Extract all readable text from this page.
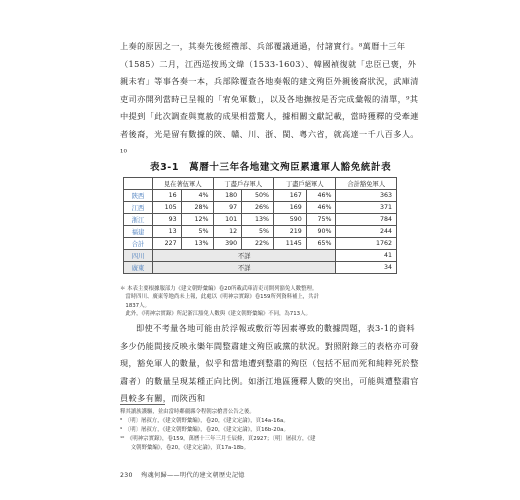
上奏的原因之一，其奏先後經禮部、兵部覆議通過，付諸實行。⁸萬曆十三年（1585）二月，江西巡按馬文煒（1533-1603）、韓國禎復就「忠臣已褒，外親未宥」等事各奏一本，兵部除覆查各地奏報的建文殉臣外親後裔狀況，武庫清吏司亦開列當時已呈報的「宥免軍數」，以及各地撫按是否完成彙報的清單，⁹其中提到「此次調查與寬赦的成果相當驚人，據相關文獻記載，當時獲釋的受牽連者後裔，光是留有數據的陝、贛、川、浙、閩、粵六省，就高達一千八百多人。¹⁰

表3-1　萬曆十三年各地建文殉臣累遺軍人豁免統計表
	見在著伍軍人		丁盡戶存軍人		丁盡戶絕軍人		合計豁免軍人
陝西	16	4%	180	50%	167	46%	363
江西	105	28%	97	26%	169	46%	371
浙江	93	12%	101	13%	590	75%	784
福建	13	5%	12	5%	219	90%	244
合計	227	13%	390	22%	1145	65%	1762
四川	不詳						41
廣東	不詳						34
＊ 本表主要根據服部力《建文朝野彙編》卷20所載武庫清吏司開列豁免人數整理。
　當時四川、廣東等地尚未上報，此處以《明神宗實錄》卷159所列資料補上，共計
　1837人。
　此外，《明神宗實錄》所記浙江豁免人數與《建文朝野彙編》不同，為713人。

即使不考量各地可能由於浮報或敷衍等因素導致的數據問題，表3-1的資料多少仍能間接反映永樂年間整肅建文殉臣戚黨的狀況。對照附錄三的表格亦可發現，豁免軍人的數量，似乎和當地遭到整肅的殉臣（包括不屈而死和純粹死於整肅者）的數量呈現某種正向比例。如浙江地區獲釋人數的突出，可能與遭整肅官員較多有關，而陝西和

釋其讀族護驅，並由當時鄰疆縣令程朝宗槍書公告之後。
⁸　〔明〕屠叔方，《建文朝野彙編》，卷20，《建文定論》，頁14a-16a。
⁹　〔明〕屠叔方，《建文朝野彙編》，卷20，《建文定論》，頁16b-20a。
¹⁰　《明神宗實錄》，卷159，萬曆十三年三月壬辰條，頁2927；〔明〕屠叔方，《建
　　文朝野彙編》，卷20，《建文定論》，頁17a-18b。
230 殉魂何歸——明代的建文朝歷史記憶
